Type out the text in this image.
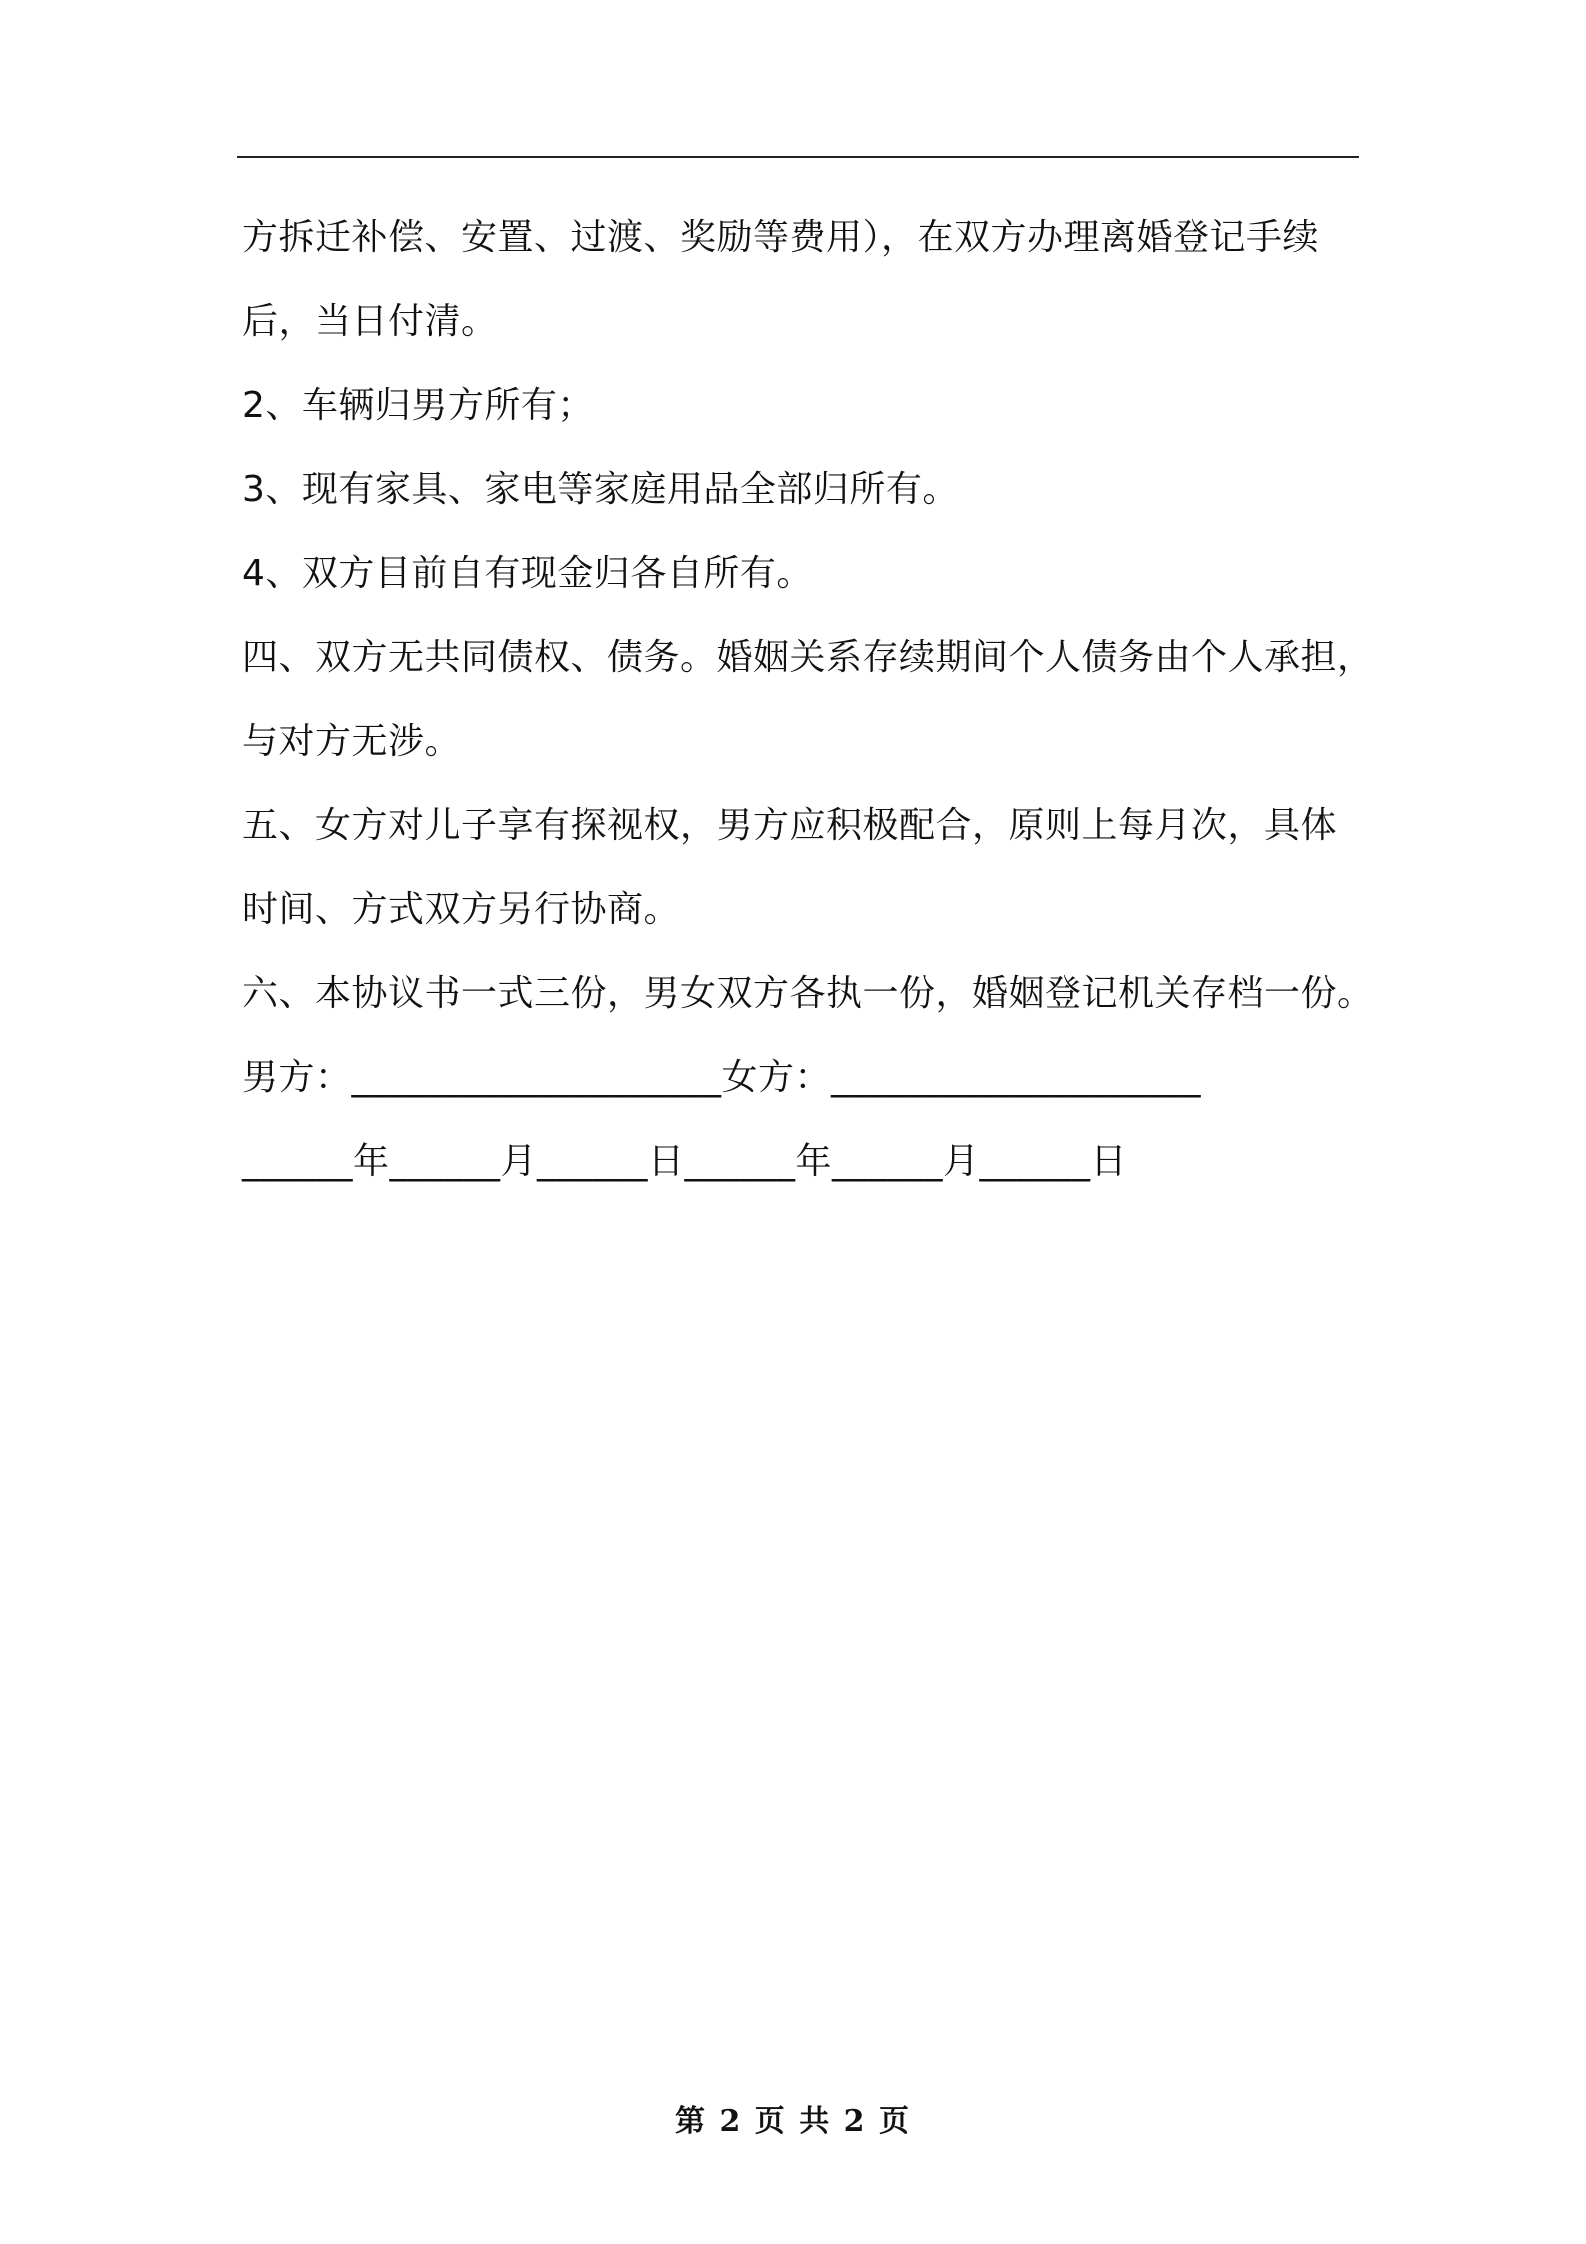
方拆迁补偿、安置、过渡、奖励等费用），在双方办理离婚登记手续
后，当日付清。
2、车辆归男方所有；
3、现有家具、家电等家庭用品全部归所有。
4、双方目前自有现金归各自所有。
四、双方无共同债权、债务。婚姻关系存续期间个人债务由个人承担，
与对方无涉。
五、女方对儿子享有探视权，男方应积极配合，原则上每月次，具体
时间、方式双方另行协商。
六、本协议书一式三份，男女双方各执一份，婚姻登记机关存档一份。
男方：____________________女方：____________________
______年______月______日______年______月______日
第 2 页 共 2 页
